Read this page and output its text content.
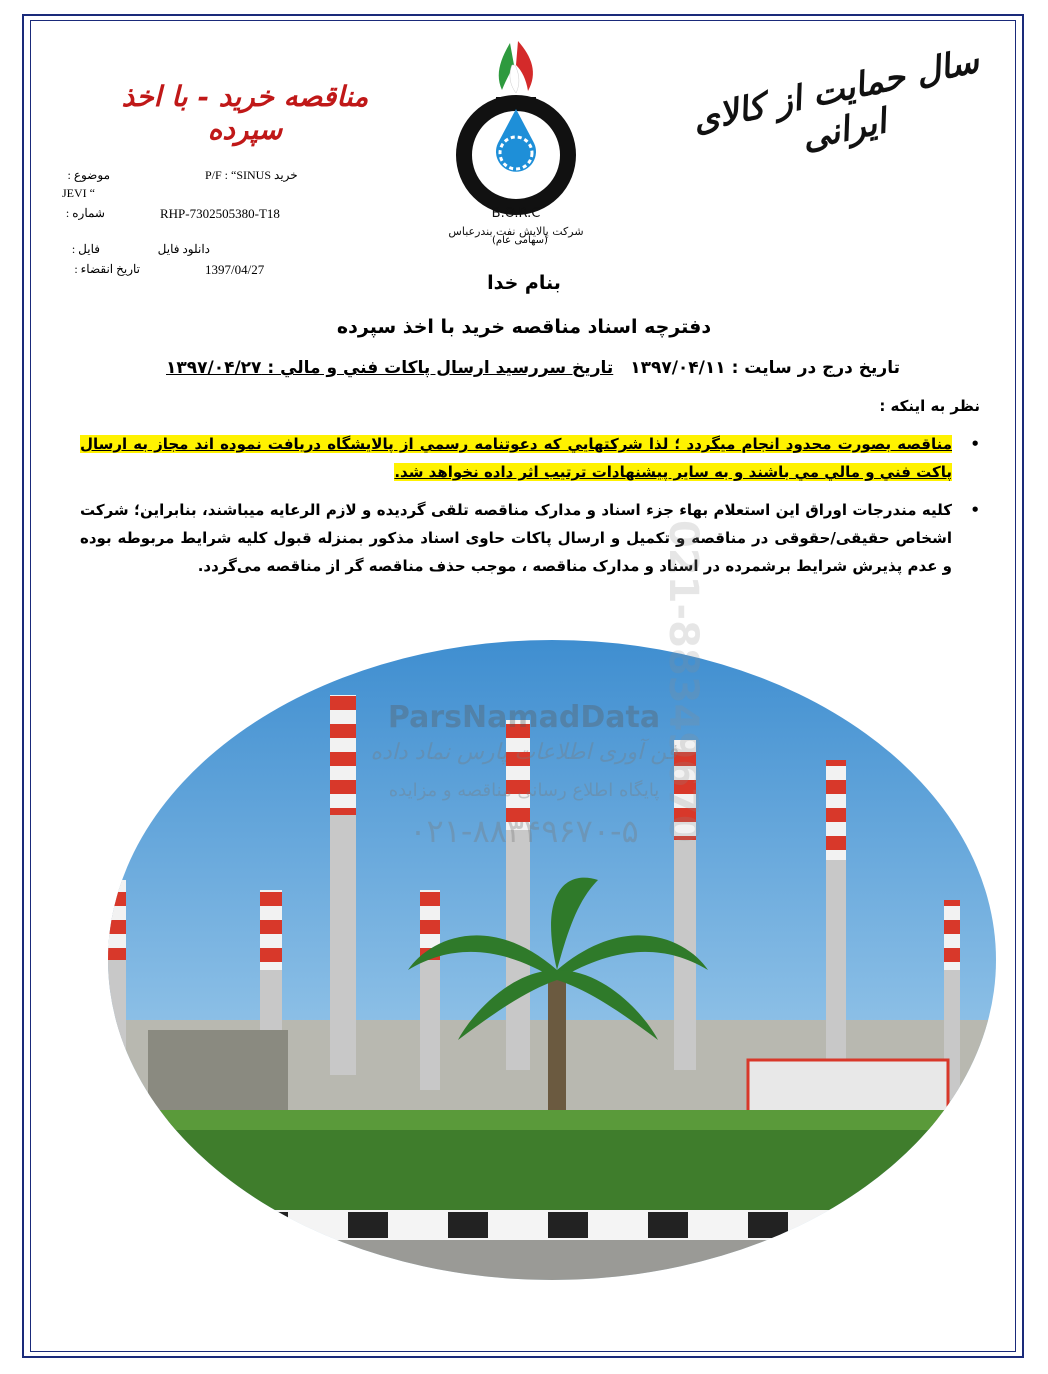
سال حمایت از کالای ایرانی
مناقصه خرید - با اخذ سپرده
B.O.R.C
شرکت پالایش نفت بندرعباس
(سهامی عام)
موضوع :	P/F : “SINUS خرید
JEVI “
شماره :	RHP-7302505380-T18
فایل :	دانلود فایل
تاریخ انقضاء :	1397/04/27
بنام خدا
دفترچه اسناد مناقصه خرید با اخذ سپرده
تاریخ درج در سایت : ۱۳۹۷/۰۴/۱۱
تاریخ سررسید ارسال پاکات فني و مالي : ۱۳۹۷/۰۴/۲۷
نظر به اینکه :
•
مناقصه بصورت محدود انجام میگردد ؛ لذا شرکتهایي که دعوتنامه رسمي از پالایشگاه دریافت نموده اند مجاز به ارسال پاکت فني و مالي مي باشند و به سایر پیشنهادات ترتیب اثر داده نخواهد شد.
•
کلیه مندرجات اوراق این استعلام بهاء جزء اسناد و مدارک مناقصه تلقی گردیده و لازم الرعایه میباشند، بنابراین؛ شرکت اشخاص حقیقی/حقوقی در مناقصه و تکمیل و ارسال پاکات حاوی اسناد مذکور بمنزله قبول کلیه شرایط مربوطه بوده و عدم پذیرش شرایط برشمرده در اسناد و مدارک مناقصه ، موجب حذف مناقصه گر از مناقصه می‌گردد.
ParsNamadData
فن آوری اطلاعات پارس نماد داده
پایگاه اطلاع رسانی مناقصه و مزایده
۰۲۱-۸۸۳۴۹۶۷۰-۵ 021-88349670
